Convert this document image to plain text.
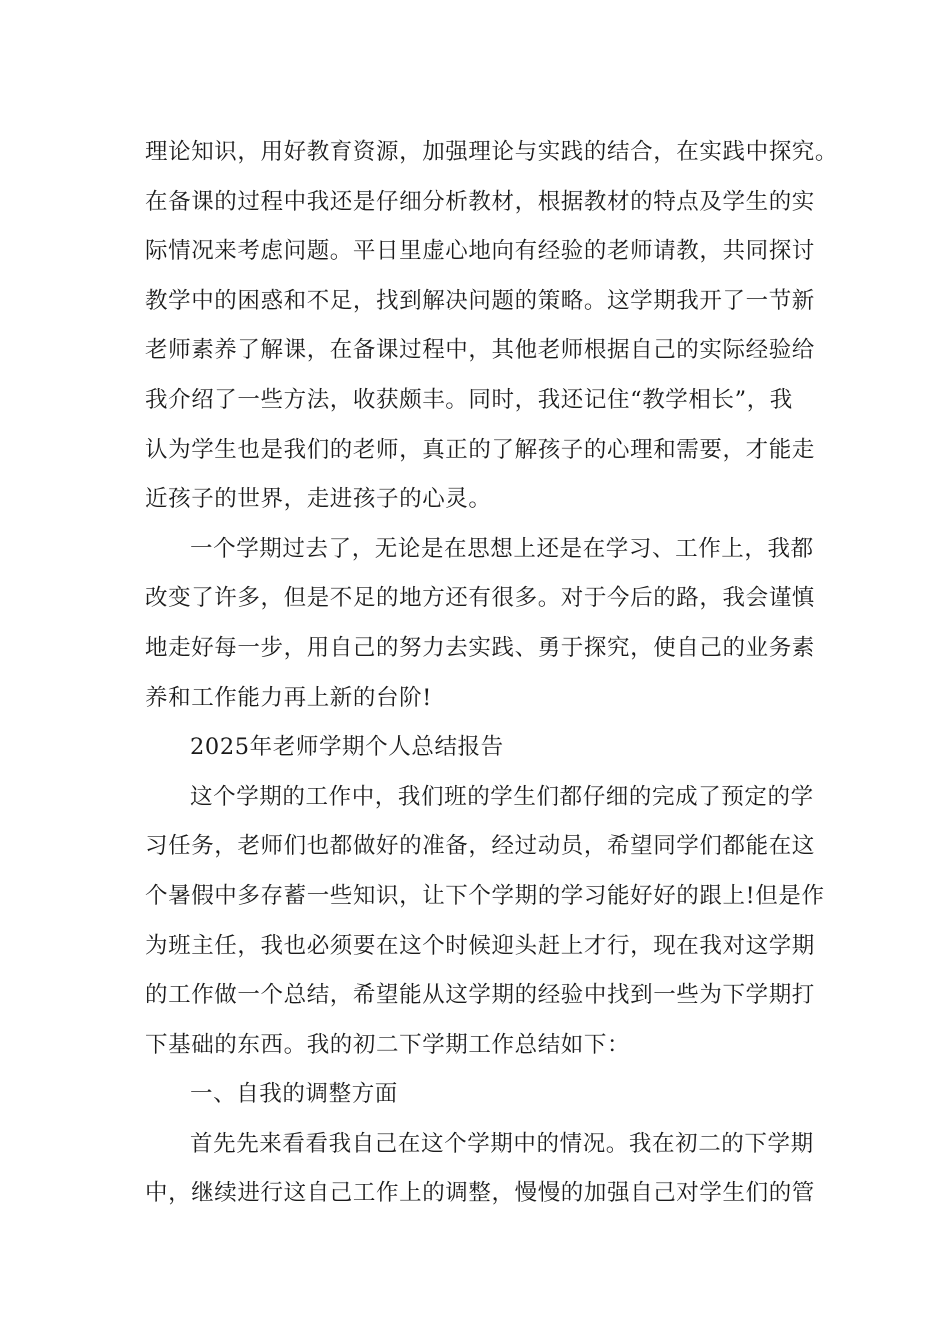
理论知识，用好教育资源，加强理论与实践的结合，在实践中探究。
在备课的过程中我还是仔细分析教材，根据教材的特点及学生的实
际情况来考虑问题。平日里虚心地向有经验的老师请教，共同探讨
教学中的困惑和不足，找到解决问题的策略。这学期我开了一节新
老师素养了解课，在备课过程中，其他老师根据自己的实际经验给
我介绍了一些方法，收获颇丰。同时，我还记住“教学相长”，我
认为学生也是我们的老师，真正的了解孩子的心理和需要，才能走
近孩子的世界，走进孩子的心灵。
一个学期过去了，无论是在思想上还是在学习、工作上，我都
改变了许多，但是不足的地方还有很多。对于今后的路，我会谨慎
地走好每一步，用自己的努力去实践、勇于探究，使自己的业务素
养和工作能力再上新的台阶!
2025年老师学期个人总结报告
这个学期的工作中，我们班的学生们都仔细的完成了预定的学
习任务，老师们也都做好的准备，经过动员，希望同学们都能在这
个暑假中多存蓄一些知识，让下个学期的学习能好好的跟上!但是作
为班主任，我也必须要在这个时候迎头赶上才行，现在我对这学期
的工作做一个总结，希望能从这学期的经验中找到一些为下学期打
下基础的东西。我的初二下学期工作总结如下：
一、自我的调整方面
首先先来看看我自己在这个学期中的情况。我在初二的下学期
中，继续进行这自己工作上的调整，慢慢的加强自己对学生们的管
